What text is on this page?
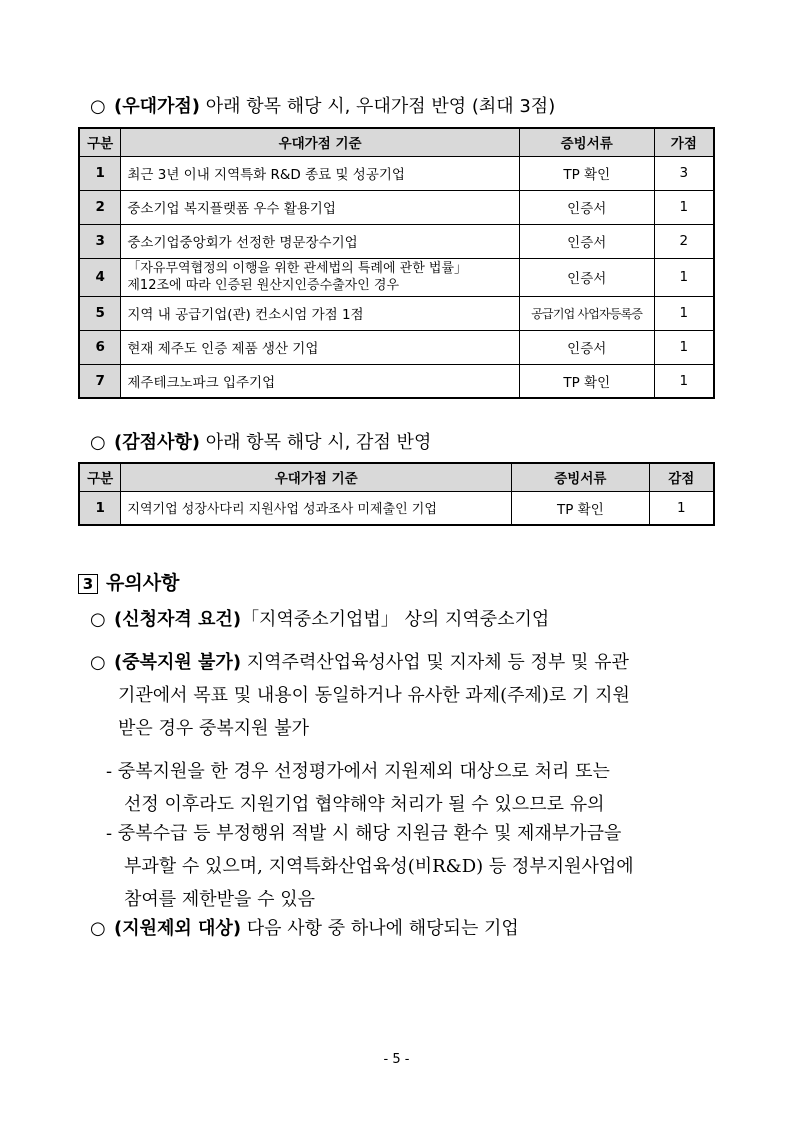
○ (우대가점) 아래 항목 해당 시, 우대가점 반영 (최대 3점)
구분	우대가점 기준	증빙서류	가점
1	최근 3년 이내 지역특화 R&D 종료 및 성공기업	TP 확인	3
2	중소기업 복지플랫폼 우수 활용기업	인증서	1
3	중소기업중앙회가 선정한 명문장수기업	인증서	2
4	「자유무역협정의 이행을 위한 관세법의 특례에 관한 법률」
제12조에 따라 인증된 원산지인증수출자인 경우	인증서	1
5	지역 내 공급기업(관) 컨소시엄 가점 1점	공급기업 사업자등록증	1
6	현재 제주도 인증 제품 생산 기업	인증서	1
7	제주테크노파크 입주기업	TP 확인	1
○ (감점사항) 아래 항목 해당 시, 감점 반영
구분	우대가점 기준	증빙서류	감점
1	지역기업 성장사다리 지원사업 성과조사 미제출인 기업	TP 확인	1
3 유의사항
○ (신청자격 요건)「지역중소기업법」 상의 지역중소기업
○ (중복지원 불가) 지역주력산업육성사업 및 지자체 등 정부 및 유관
기관에서 목표 및 내용이 동일하거나 유사한 과제(주제)로 기 지원
받은 경우 중복지원 불가
- 중복지원을 한 경우 선정평가에서 지원제외 대상으로 처리 또는
선정 이후라도 지원기업 협약해약 처리가 될 수 있으므로 유의
- 중복수급 등 부정행위 적발 시 해당 지원금 환수 및 제재부가금을
부과할 수 있으며, 지역특화산업육성(비R&D) 등 정부지원사업에
참여를 제한받을 수 있음
○ (지원제외 대상) 다음 사항 중 하나에 해당되는 기업
- 5 -
